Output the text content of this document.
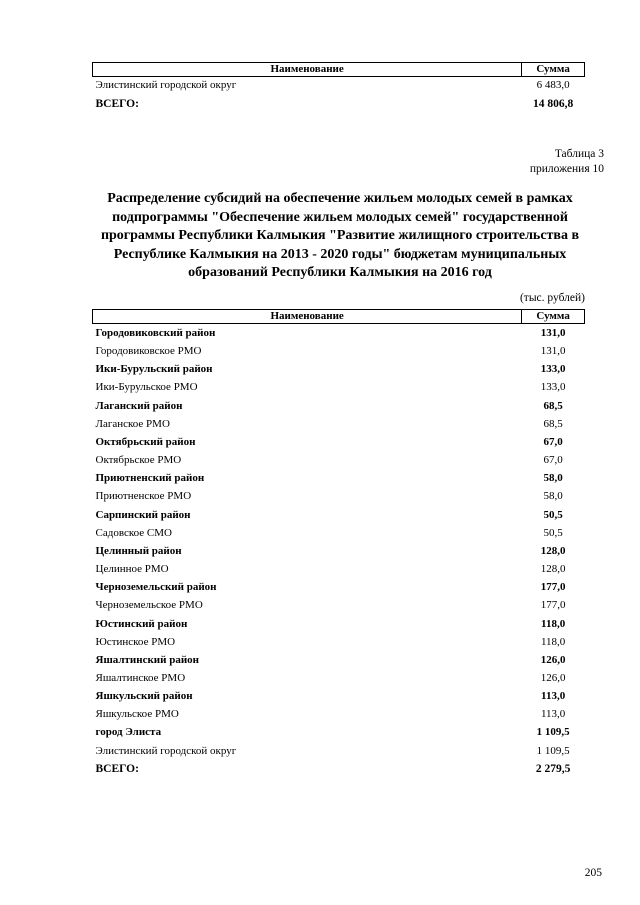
Наименование	Сумма
Элистинский городской округ	6 483,0
ВСЕГО:	14 806,8
Таблица 3
приложения 10
Распределение субсидий на обеспечение жильем молодых семей в рамках подпрограммы "Обеспечение жильем молодых семей" государственной программы Республики Калмыкия "Развитие жилищного строительства в Республике Калмыкия на 2013 - 2020 годы" бюджетам муниципальных образований Республики Калмыкия на 2016 год
(тыс. рублей)
Наименование	Сумма
Городовиковский район	131,0
Городовиковское РМО	131,0
Ики-Бурульский район	133,0
Ики-Бурульское РМО	133,0
Лаганский район	68,5
Лаганское РМО	68,5
Октябрьский район	67,0
Октябрьское РМО	67,0
Приютненский район	58,0
Приютненское РМО	58,0
Сарпинский район	50,5
Садовское СМО	50,5
Целинный район	128,0
Целинное РМО	128,0
Черноземельский район	177,0
Черноземельское РМО	177,0
Юстинский район	118,0
Юстинское РМО	118,0
Яшалтинский район	126,0
Яшалтинское РМО	126,0
Яшкульский район	113,0
Яшкульское РМО	113,0
город Элиста	1 109,5
Элистинский городской округ	1 109,5
ВСЕГО:	2 279,5
205
